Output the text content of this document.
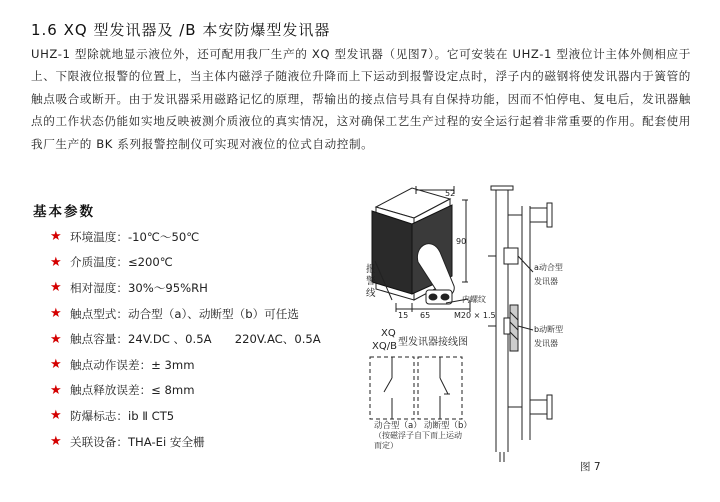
1.6 XQ 型发讯器及 /B 本安防爆型发讯器
UHZ-1 型除就地显示液位外，还可配用我厂生产的 XQ 型发讯器（见图7）。它可安装在 UHZ-1 型液位计主体外侧相应于上、下限液位报警的位置上，当主体内磁浮子随液位升降而上下运动到报警设定点时，浮子内的磁钢将使发讯器内于簧管的触点吸合或断开。由于发讯器采用磁路记忆的原理，帮输出的接点信号具有自保持功能，因而不怕停电、复电后，发讯器触点的工作状态仍能如实地反映被测介质液位的真实情况，这对确保工艺生产过程的安全运行起着非常重要的作用。配套使用我厂生产的 BK 系列报警控制仪可实现对液位的位式自动控制。
基本参数
★ 环境温度：-10℃～50℃
★ 介质温度：≤200℃
★ 相对湿度：30%～95%RH
★ 触点型式：动合型（a）、动断型（b）可任选
★ 触点容量：24V.DC 、0.5A　　220V.AC、0.5A
★ 触点动作误差：± 3mm
★ 触点释放误差：≤ 8mm
★ 防爆标志：ib Ⅱ CT5
★ 关联设备：THA-Ei 安全栅
52
90
15 65
报
警
线
内螺纹
M20 × 1.5
XQ
XQ/B 型发讯器接线图
动合型（a） 动断型（b）
（按磁浮子自下而上运动
而定）
a动合型
发讯器
b动断型
发讯器
图 7
